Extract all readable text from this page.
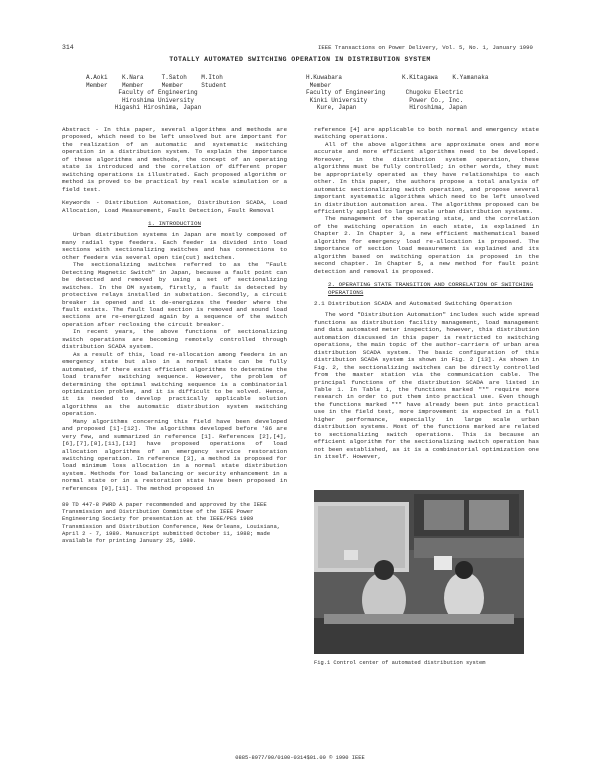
314	IEEE Transactions on Power Delivery, Vol. 5, No. 1, January 1990
TOTALLY AUTOMATED SWITCHING OPERATION IN DISTRIBUTION SYSTEM
A.Aoki    K.Nara     T.Satoh    M.Itoh
Member    Member     Member     Student
Faculty of Engineering
Hiroshima University
Higashi Hiroshima, Japan
H.Kuwabara
Member
Faculty of Engineering
Kinki University
Kure, Japan
K.Kitagawa    K.Yamanaka

Chugoku Electric
Power Co., Inc.
Hiroshima, Japan

Abstract - In this paper, several algorithms and methods are proposed, which need to be left unsolved but are important for the realization of an automatic and systematic switching operation in a distribution system. To explain the importance of these algorithms and methods, the concept of an operating state is introduced and the correlation of different proper switching operations is illustrated. Each proposed algorithm or method is proved to be practical by real scale simulation or a field test.

Keywords - Distribution Automation, Distribution SCADA, Load Allocation, Load Measurement, Fault Detection, Fault Removal

1. INTRODUCTION

Urban distribution systems in Japan are mostly composed of many radial type feeders. Each feeder is divided into load sections with sectionalizing switches and has connections to other feeders via several open tie(cut) switches.

The sectionalizing switches referred to as the "Fault Detecting Magnetic Switch" in Japan, because a fault point can be detected and removed by using a set of sectionalizing switches. In the DM system, firstly, a fault is detected by protective relays installed in substation. Secondly, a circuit breaker is opened and it de-energizes the feeder where the fault exists. The fault load section is removed and sound load sections are re-energized again by a sequence of the switch operation after reclosing the circuit breaker.

In recent years, the above functions of sectionalizing switch operations are becoming remotely controlled through distribution SCADA system.

As a result of this, load re-allocation among feeders in an emergency state but also in a normal state can be fully automated, if there exist efficient algorithms to determine the load transfer switching sequence. However, the problem of determining the optimal switching sequence is a combinatorial optimization problem, and it is difficult to be solved. Hence, it is needed to develop practically applicable solution algorithms as the automatic distribution system switching operation.

Many algorithms concerning this field have been developed and proposed [1]-[12]. The algorithms developed before '86 are very few, and summarized in reference [1]. References [2],[4],[6],[7],[8],[11],[12] have proposed operations of load allocation algorithms of an emergency service restoration switching operation. In reference [3], a method is proposed for load minimum loss allocation in a normal state distribution system. Methods for load balancing or security enhancement in a normal state or in a restoration state have been proposed in references [9],[11]. The method proposed in

89 TD 447-8 PWRD A paper recommended and approved by the IEEE Transmission and Distribution Committee of the IEEE Power Engineering Society for presentation at the IEEE/PES 1989 Transmission and Distribution Conference, New Orleans, Louisiana, April 2 - 7, 1989. Manuscript submitted October 11, 1988; made available for printing January 25, 1989.

reference [4] are applicable to both normal and emergency state switching operations.

All of the above algorithms are approximate ones and more accurate and more efficient algorithms need to be developed. Moreover, in the distribution system operation, these algorithms must be fully controlled; in other words, they must be appropriately operated as they have relationships to each other. In this paper, the authors propose a total analysis of automatic sectionalizing switch operation, and propose several important systematic algorithms which need to be left unsolved in distribution automation area. The algorithms proposed can be efficiently applied to large scale urban distribution systems.

The management of the operating state, and the correlation of the switching operation in each state, is explained in Chapter 2. In Chapter 3, a new efficient mathematical based algorithm for emergency load re-allocation is proposed. The importance of section load measurement is explained and its algorithm based on switching operation is proposed in the second chapter. In Chapter 5, a new method for fault point detection and removal is proposed.

2. OPERATING STATE TRANSITION AND CORRELATION OF SWITCHING OPERATIONS
2.1 Distribution SCADA and Automated Switching Operation

The word "Distribution Automation" includes such wide spread functions as distribution facility management, load management and data automated meter inspection, however, this distribution automation discussed in this paper is restricted to switching operations, the main topic of the author-carriers of urban area distribution SCADA system. The basic configuration of this distribution SCADA system is shown in Fig. 2 [13]. As shown in Fig. 2, the sectionalizing switches can be directly controlled from the master station via the communication cable. The principal functions of the distribution SCADA are listed in Table 1. In Table 1, the functions marked "*" require more research in order to put them into practical use. Even though the functions marked "*" have already been put into practical use in the field test, more improvement is expected in a full higher performance, especially in large scale urban distribution systems. Most of the functions marked are related to sectionalizing switch operations. This is because an efficient algorithm for the sectionalizing switch operation has not been established, as it is a combinatorial optimization one in itself. However,

Fig.1 Control center of automated distribution system
0885-8977/90/0100-0314$01.00 © 1990 IEEE
